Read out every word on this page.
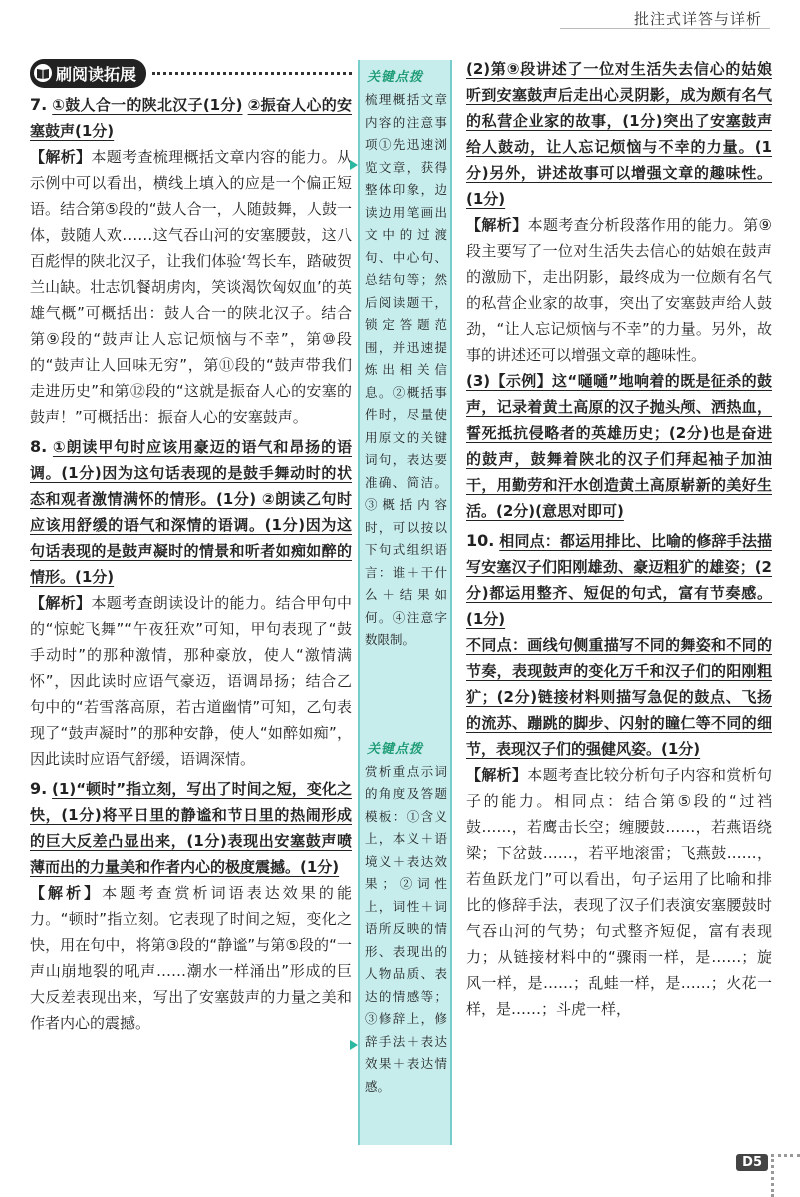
批注式详答与详析
刷阅读拓展

7. ①鼓人合一的陕北汉子(1分) ②振奋人心的安塞鼓声(1分)

【解析】本题考查梳理概括文章内容的能力。从示例中可以看出，横线上填入的应是一个偏正短语。结合第⑤段的“鼓人合一，人随鼓舞，人鼓一体，鼓随人欢……这气吞山河的安塞腰鼓，这八百彪悍的陕北汉子，让我们体验‘驾长车，踏破贺兰山缺。壮志饥餐胡虏肉，笑谈渴饮匈奴血’的英雄气概”可概括出：鼓人合一的陕北汉子。结合第⑨段的“鼓声让人忘记烦恼与不幸”，第⑩段的“鼓声让人回味无穷”，第⑪段的“鼓声带我们走进历史”和第⑫段的“这就是振奋人心的安塞的鼓声！”可概括出：振奋人心的安塞鼓声。

8. ①朗读甲句时应该用豪迈的语气和昂扬的语调。(1分)因为这句话表现的是鼓手舞动时的状态和观者激情满怀的情形。(1分) ②朗读乙句时应该用舒缓的语气和深情的语调。(1分)因为这句话表现的是鼓声凝时的情景和听者如痴如醉的情形。(1分)

【解析】本题考查朗读设计的能力。结合甲句中的“惊蛇飞舞”“午夜狂欢”可知，甲句表现了“鼓手动时”的那种激情，那种豪放，使人“激情满怀”，因此读时应语气豪迈，语调昂扬；结合乙句中的“若雪落高原，若古道幽情”可知，乙句表现了“鼓声凝时”的那种安静，使人“如醉如痴”，因此读时应语气舒缓，语调深情。

9. (1)“顿时”指立刻，写出了时间之短，变化之快，(1分)将平日里的静谧和节日里的热闹形成的巨大反差凸显出来，(1分)表现出安塞鼓声喷薄而出的力量美和作者内心的极度震撼。(1分)

【解析】本题考查赏析词语表达效果的能力。“顿时”指立刻。它表现了时间之短，变化之快，用在句中，将第③段的“静谧”与第⑤段的“一声山崩地裂的吼声……潮水一样涌出”形成的巨大反差表现出来，写出了安塞鼓声的力量之美和作者内心的震撼。

关键点拨

梳理概括文章内容的注意事项①先迅速浏览文章，获得整体印象，边读边用笔画出文中的过渡句、中心句、总结句等；然后阅读题干，锁定答题范围，并迅速提炼出相关信息。②概括事件时，尽量使用原文的关键词句，表达要准确、简洁。③概括内容时，可以按以下句式组织语言：谁＋干什么＋结果如何。④注意字数限制。

关键点拨

赏析重点示词的角度及答题模板：①含义上，本义＋语境义＋表达效果；②词性上，词性＋词语所反映的情形、表现出的人物品质、表达的情感等；③修辞上，修辞手法＋表达效果＋表达情感。

(2)第⑨段讲述了一位对生活失去信心的姑娘听到安塞鼓声后走出心灵阴影，成为颇有名气的私营企业家的故事，(1分)突出了安塞鼓声给人鼓动，让人忘记烦恼与不幸的力量。(1分)另外，讲述故事可以增强文章的趣味性。(1分)

【解析】本题考查分析段落作用的能力。第⑨段主要写了一位对生活失去信心的姑娘在鼓声的激励下，走出阴影，最终成为一位颇有名气的私营企业家的故事，突出了安塞鼓声给人鼓劲，“让人忘记烦恼与不幸”的力量。另外，故事的讲述还可以增强文章的趣味性。

(3)【示例】这“嗵嗵”地响着的既是征杀的鼓声，记录着黄土高原的汉子抛头颅、洒热血，誓死抵抗侵略者的英雄历史；(2分)也是奋进的鼓声，鼓舞着陕北的汉子们拜起袖子加油干，用勤劳和汗水创造黄土高原崭新的美好生活。(2分)(意思对即可)

10. 相同点：都运用排比、比喻的修辞手法描写安塞汉子们阳刚雄劲、豪迈粗犷的雄姿；(2分)都运用整齐、短促的句式，富有节奏感。(1分)

不同点：画线句侧重描写不同的舞姿和不同的节奏，表现鼓声的变化万千和汉子们的阳刚粗犷；(2分)链接材料则描写急促的鼓点、飞扬的流苏、蹦跳的脚步、闪射的瞳仁等不同的细节，表现汉子们的强健风姿。(1分)

【解析】本题考查比较分析句子内容和赏析句子的能力。相同点：结合第⑤段的“过裆鼓……，若鹰击长空；缠腰鼓……，若燕语绕梁；下岔鼓……，若平地滚雷；飞燕鼓……，若鱼跃龙门”可以看出，句子运用了比喻和排比的修辞手法，表现了汉子们表演安塞腰鼓时气吞山河的气势；句式整齐短促，富有表现力；从链接材料中的“骤雨一样，是……；旋风一样，是……；乱蛙一样，是……；火花一样，是……；斗虎一样，

D5
